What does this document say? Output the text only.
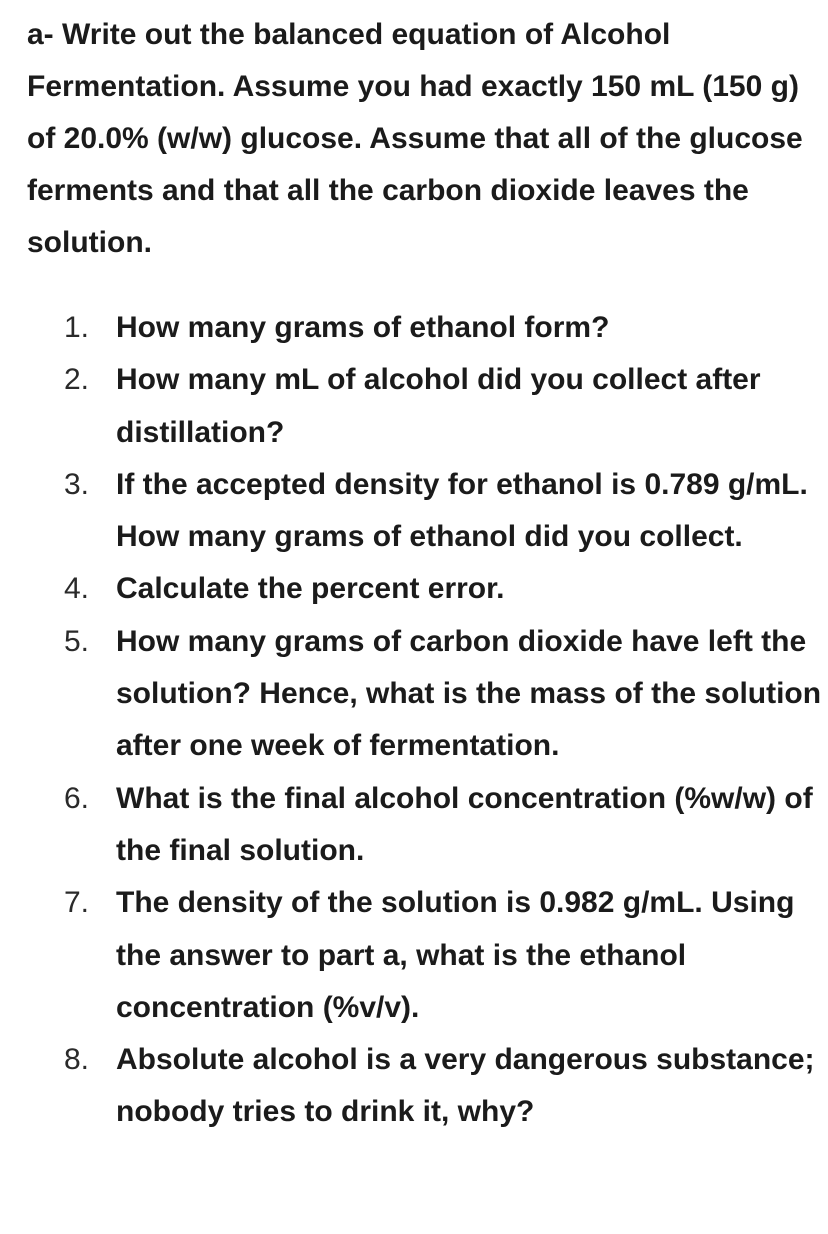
a- Write out the balanced equation of Alcohol Fermentation. Assume you had exactly 150 mL (150 g) of 20.0% (w/w) glucose. Assume that all of the glucose ferments and that all the carbon dioxide leaves the solution.

1. How many grams of ethanol form?
2. How many mL of alcohol did you collect after distillation?
3. If the accepted density for ethanol is 0.789 g/mL. How many grams of ethanol did you collect.
4. Calculate the percent error.
5. How many grams of carbon dioxide have left the solution? Hence, what is the mass of the solution after one week of fermentation.
6. What is the final alcohol concentration (%w/w) of the final solution.
7. The density of the solution is 0.982 g/mL. Using the answer to part a, what is the ethanol concentration (%v/v).
8. Absolute alcohol is a very dangerous substance; nobody tries to drink it, why?
